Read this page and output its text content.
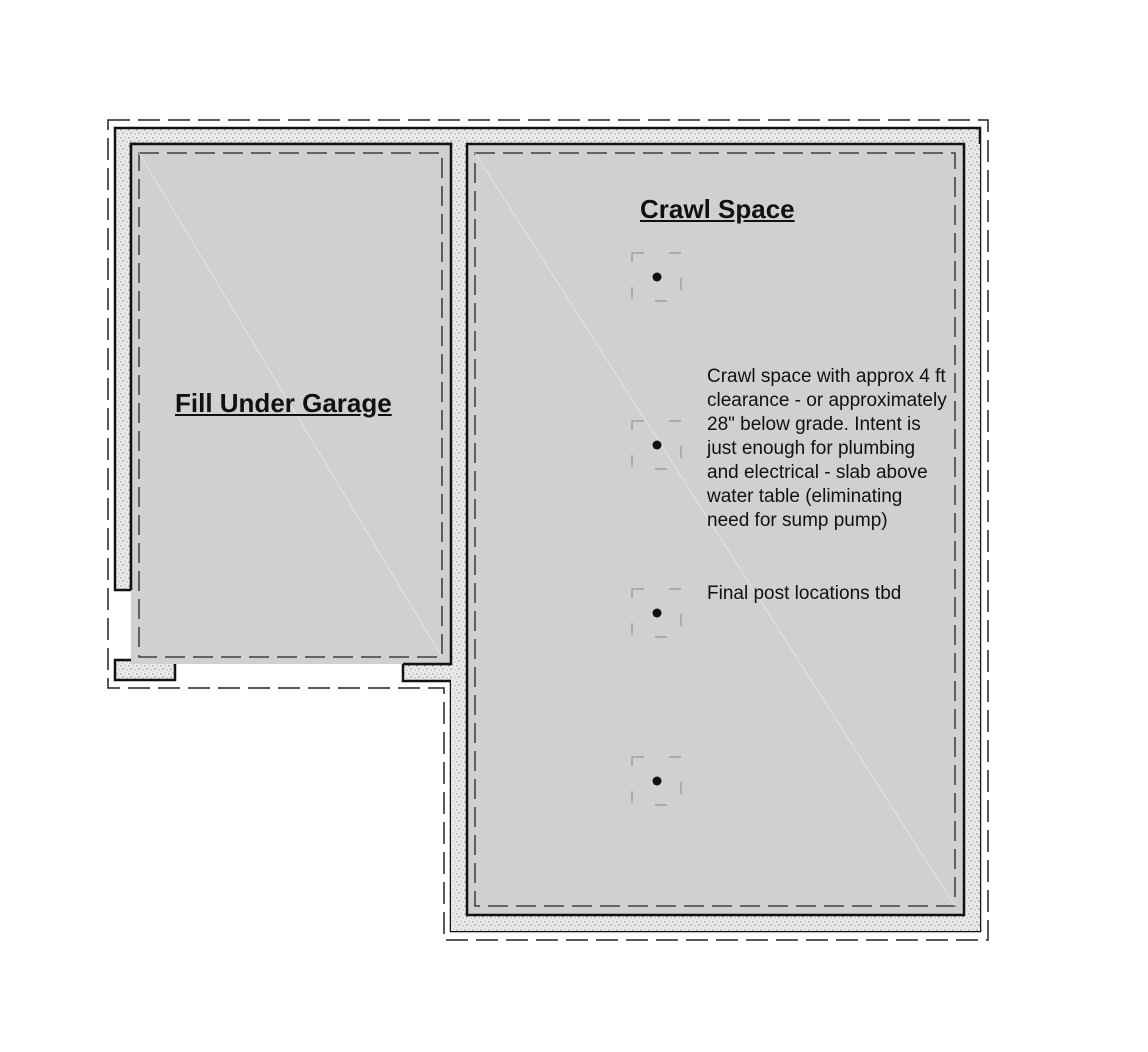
Fill Under Garage
Crawl Space
Crawl space with approx 4 ft clearance - or approximately 28" below grade. Intent is just enough for plumbing and electrical - slab above water table (eliminating need for sump pump)
Final post locations tbd
